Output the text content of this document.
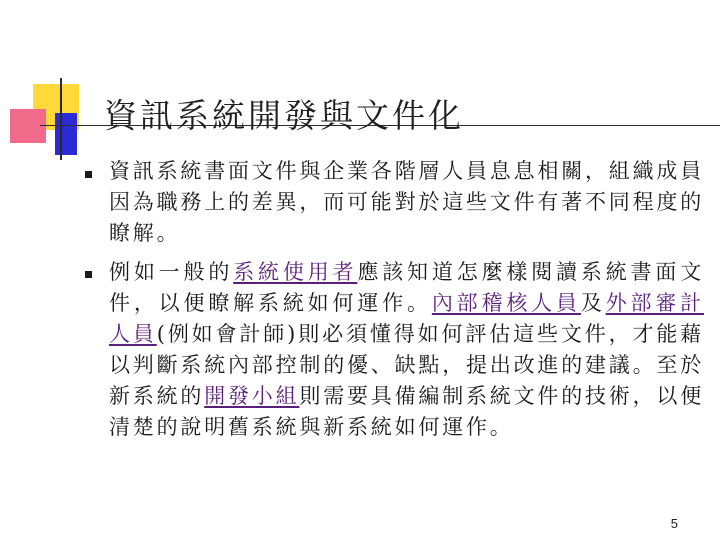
資訊系統開發與文件化
資訊系統書面文件與企業各階層人員息息相關，組織成員因為職務上的差異，而可能對於這些文件有著不同程度的瞭解。
例如一般的系統使用者應該知道怎麼樣閱讀系統書面文件，以便瞭解系統如何運作。內部稽核人員及外部審計人員(例如會計師)則必須懂得如何評估這些文件，才能藉以判斷系統內部控制的優、缺點，提出改進的建議。至於新系統的開發小組則需要具備編制系統文件的技術，以便清楚的說明舊系統與新系統如何運作。
5
